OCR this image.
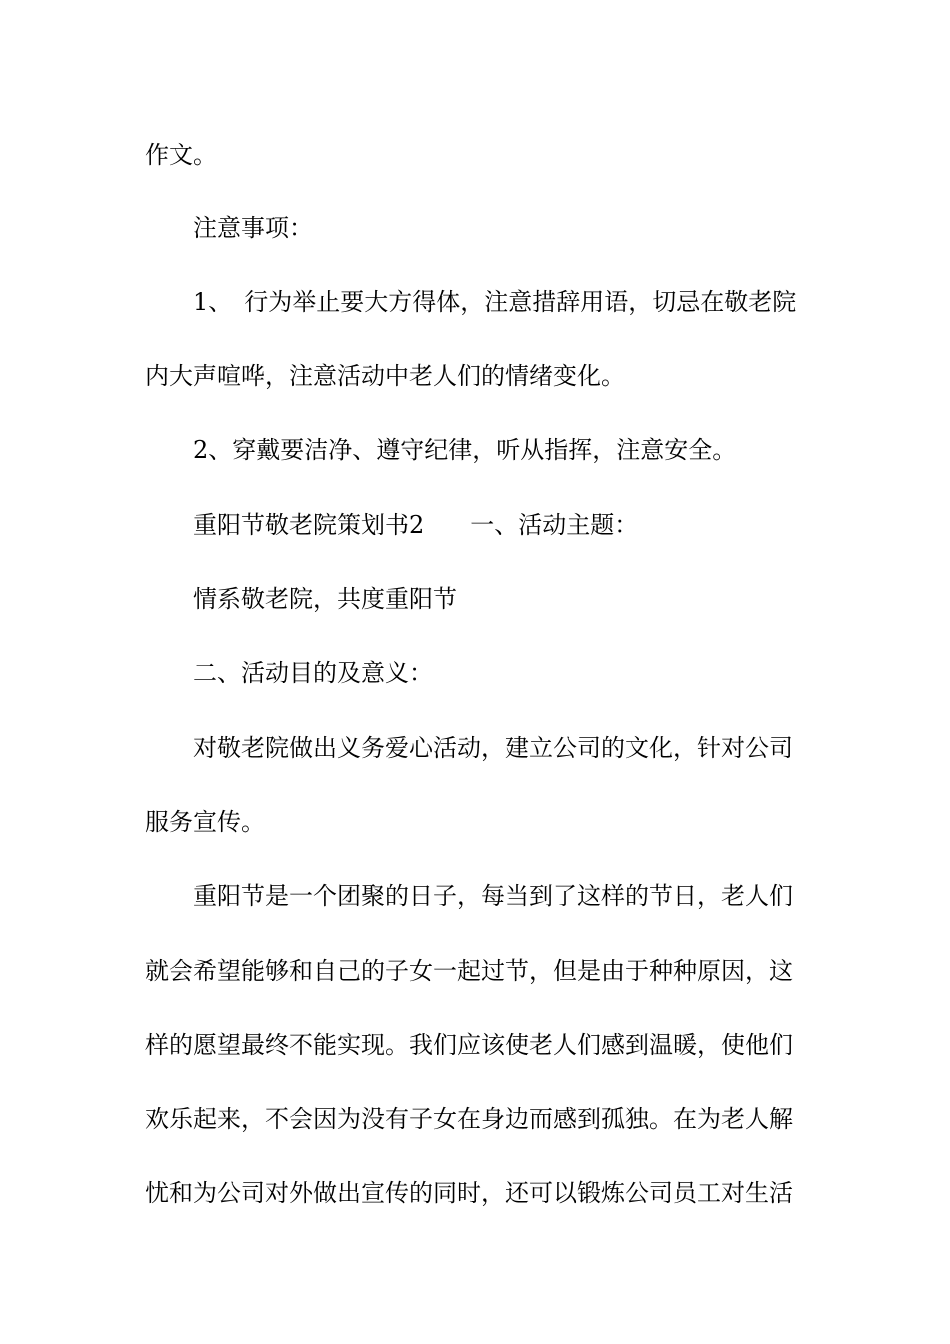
作文。
注意事项：
1、 行为举止要大方得体，注意措辞用语，切忌在敬老院
内大声喧哗，注意活动中老人们的情绪变化。
2、穿戴要洁净、遵守纪律，听从指挥，注意安全。
重阳节敬老院策划书2 一、活动主题：
情系敬老院，共度重阳节
二、活动目的及意义：
对敬老院做出义务爱心活动，建立公司的文化，针对公司
服务宣传。
重阳节是一个团聚的日子，每当到了这样的节日，老人们
就会希望能够和自己的子女一起过节，但是由于种种原因，这
样的愿望最终不能实现。我们应该使老人们感到温暖，使他们
欢乐起来，不会因为没有子女在身边而感到孤独。在为老人解
忧和为公司对外做出宣传的同时，还可以锻炼公司员工对生活
